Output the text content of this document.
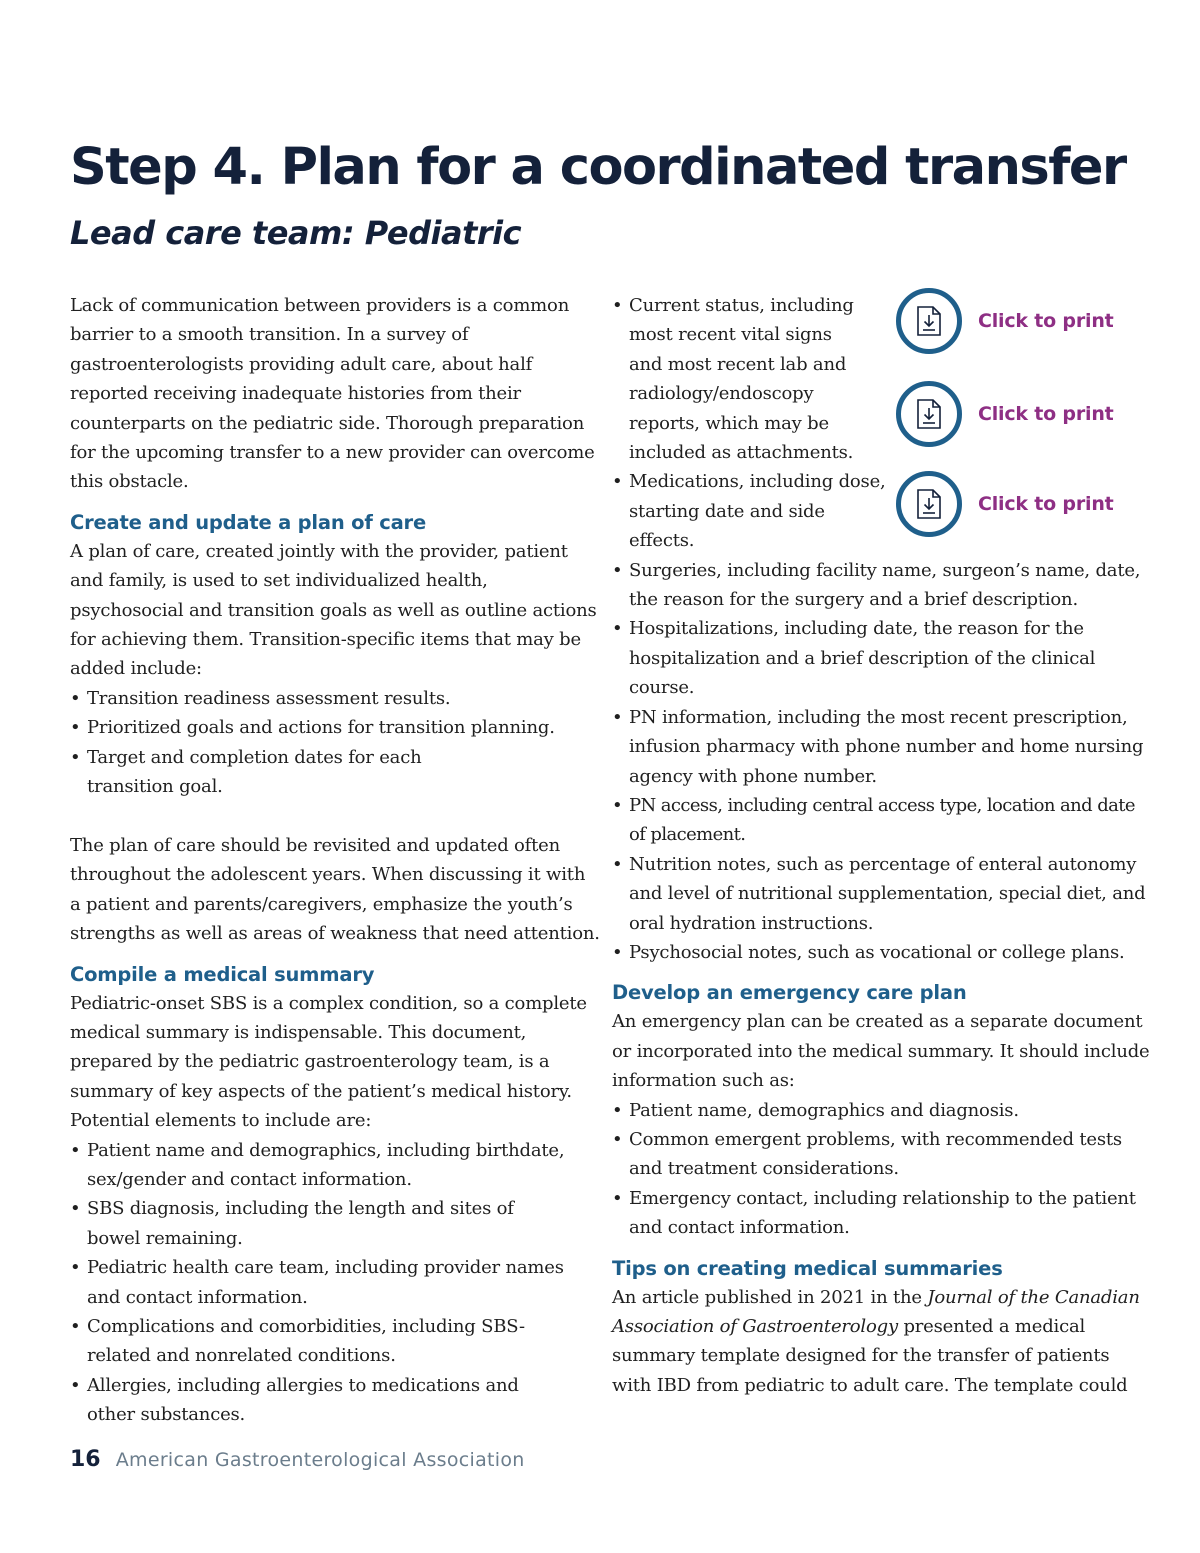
Step 4. Plan for a coordinated transfer
Lead care team: Pediatric

Lack of communication between providers is a common barrier to a smooth transition. In a survey of gastroenterologists providing adult care, about half reported receiving inadequate histories from their counterparts on the pediatric side. Thorough preparation for the upcoming transfer to a new provider can overcome this obstacle.

Create and update a plan of care

A plan of care, created jointly with the provider, patient and family, is used to set individualized health, psychosocial and transition goals as well as outline actions for achieving them. Transition-specific items that may be added include:

• Transition readiness assessment results.
• Prioritized goals and actions for transition planning.
• Target and completion dates for each transition goal.

The plan of care should be revisited and updated often throughout the adolescent years. When discussing it with a patient and parents/caregivers, emphasize the youth’s strengths as well as areas of weakness that need attention.

Compile a medical summary

Pediatric-onset SBS is a complex condition, so a complete medical summary is indispensable. This document, prepared by the pediatric gastroenterology team, is a summary of key aspects of the patient’s medical history. Potential elements to include are:

• Patient name and demographics, including birthdate, sex/gender and contact information.
• SBS diagnosis, including the length and sites of bowel remaining.
• Pediatric health care team, including provider names and contact information.
• Complications and comorbidities, including SBS-related and nonrelated conditions.
• Allergies, including allergies to medications and other substances.
• Current status, including most recent vital signs and most recent lab and radiology/endoscopy reports, which may be included as attachments.
• Medications, including dose, starting date and side effects.
• Surgeries, including facility name, surgeon’s name, date, the reason for the surgery and a brief description.
• Hospitalizations, including date, the reason for the hospitalization and a brief description of the clinical course.
• PN information, including the most recent prescription, infusion pharmacy with phone number and home nursing agency with phone number.
• PN access, including central access type, location and date of placement.
• Nutrition notes, such as percentage of enteral autonomy and level of nutritional supplementation, special diet, and oral hydration instructions.
• Psychosocial notes, such as vocational or college plans.
Develop an emergency care plan

An emergency plan can be created as a separate document or incorporated into the medical summary. It should include information such as:

• Patient name, demographics and diagnosis.
• Common emergent problems, with recommended tests and treatment considerations.
• Emergency contact, including relationship to the patient and contact information.
Tips on creating medical summaries

An article published in 2021 in the Journal of the Canadian Association of Gastroenterology presented a medical summary template designed for the transfer of patients with IBD from pediatric to adult care. The template could

Click to print
Click to print
Click to print
16 American Gastroenterological Association
